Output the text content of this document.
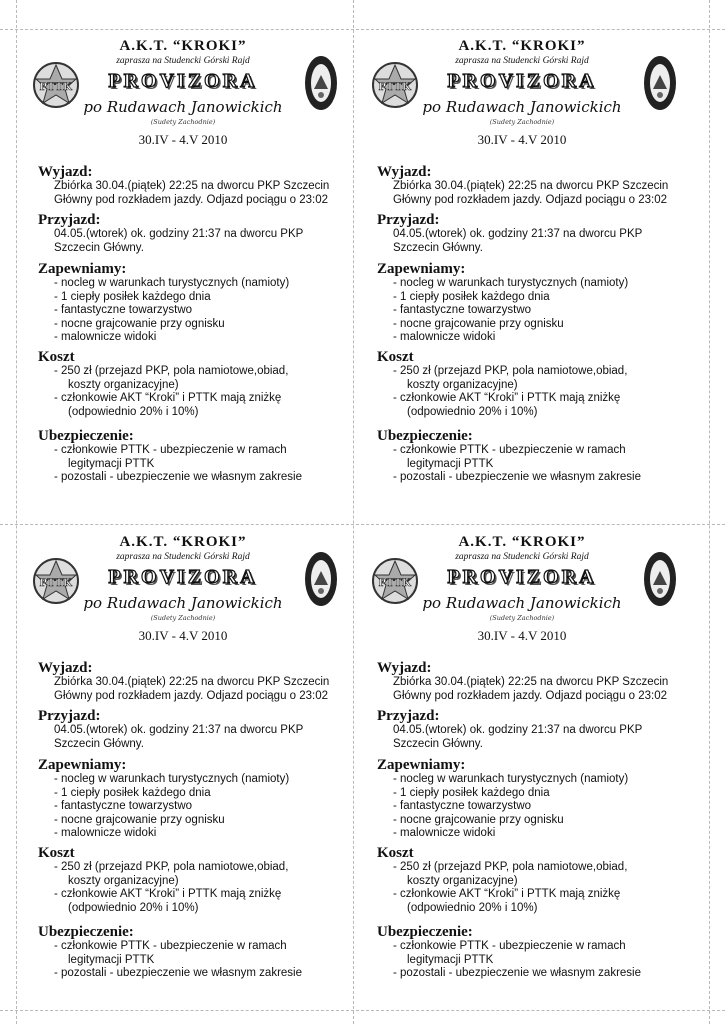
A.K.T. “KROKI”
zaprasza na Studencki Górski Rajd
PROVIZORA
po Rudawach Janowickich
(Sudety Zachodnie)
30.IV - 4.V 2010
PTTK
Wyjazd:
Zbiórka 30.04.(piątek) 22:25 na dworcu PKP Szczecin
Główny pod rozkładem jazdy. Odjazd pociągu o 23:02
Przyjazd:
04.05.(wtorek) ok. godziny 21:37 na dworcu PKP
Szczecin Główny.
Zapewniamy:
- nocleg w warunkach turystycznych (namioty)
- 1 ciepły posiłek każdego dnia
- fantastyczne towarzystwo
- nocne grajcowanie przy ognisku
- malownicze widoki
Koszt
- 250 zł (przejazd PKP, pola namiotowe,obiad,
koszty organizacyjne)
- członkowie AKT “Kroki” i PTTK mają zniżkę
(odpowiednio 20% i 10%)
Ubezpieczenie:
- członkowie PTTK - ubezpieczenie w ramach
legitymacji PTTK
- pozostali - ubezpieczenie we własnym zakresie
A.K.T. “KROKI”
zaprasza na Studencki Górski Rajd
PROVIZORA
po Rudawach Janowickich
(Sudety Zachodnie)
30.IV - 4.V 2010
PTTK
Wyjazd:
Zbiórka 30.04.(piątek) 22:25 na dworcu PKP Szczecin
Główny pod rozkładem jazdy. Odjazd pociągu o 23:02
Przyjazd:
04.05.(wtorek) ok. godziny 21:37 na dworcu PKP
Szczecin Główny.
Zapewniamy:
- nocleg w warunkach turystycznych (namioty)
- 1 ciepły posiłek każdego dnia
- fantastyczne towarzystwo
- nocne grajcowanie przy ognisku
- malownicze widoki
Koszt
- 250 zł (przejazd PKP, pola namiotowe,obiad,
koszty organizacyjne)
- członkowie AKT “Kroki” i PTTK mają zniżkę
(odpowiednio 20% i 10%)
Ubezpieczenie:
- członkowie PTTK - ubezpieczenie w ramach
legitymacji PTTK
- pozostali - ubezpieczenie we własnym zakresie
A.K.T. “KROKI”
zaprasza na Studencki Górski Rajd
PROVIZORA
po Rudawach Janowickich
(Sudety Zachodnie)
30.IV - 4.V 2010
PTTK
Wyjazd:
Zbiórka 30.04.(piątek) 22:25 na dworcu PKP Szczecin
Główny pod rozkładem jazdy. Odjazd pociągu o 23:02
Przyjazd:
04.05.(wtorek) ok. godziny 21:37 na dworcu PKP
Szczecin Główny.
Zapewniamy:
- nocleg w warunkach turystycznych (namioty)
- 1 ciepły posiłek każdego dnia
- fantastyczne towarzystwo
- nocne grajcowanie przy ognisku
- malownicze widoki
Koszt
- 250 zł (przejazd PKP, pola namiotowe,obiad,
koszty organizacyjne)
- członkowie AKT “Kroki” i PTTK mają zniżkę
(odpowiednio 20% i 10%)
Ubezpieczenie:
- członkowie PTTK - ubezpieczenie w ramach
legitymacji PTTK
- pozostali - ubezpieczenie we własnym zakresie
A.K.T. “KROKI”
zaprasza na Studencki Górski Rajd
PROVIZORA
po Rudawach Janowickich
(Sudety Zachodnie)
30.IV - 4.V 2010
PTTK
Wyjazd:
Zbiórka 30.04.(piątek) 22:25 na dworcu PKP Szczecin
Główny pod rozkładem jazdy. Odjazd pociągu o 23:02
Przyjazd:
04.05.(wtorek) ok. godziny 21:37 na dworcu PKP
Szczecin Główny.
Zapewniamy:
- nocleg w warunkach turystycznych (namioty)
- 1 ciepły posiłek każdego dnia
- fantastyczne towarzystwo
- nocne grajcowanie przy ognisku
- malownicze widoki
Koszt
- 250 zł (przejazd PKP, pola namiotowe,obiad,
koszty organizacyjne)
- członkowie AKT “Kroki” i PTTK mają zniżkę
(odpowiednio 20% i 10%)
Ubezpieczenie:
- członkowie PTTK - ubezpieczenie w ramach
legitymacji PTTK
- pozostali - ubezpieczenie we własnym zakresie
